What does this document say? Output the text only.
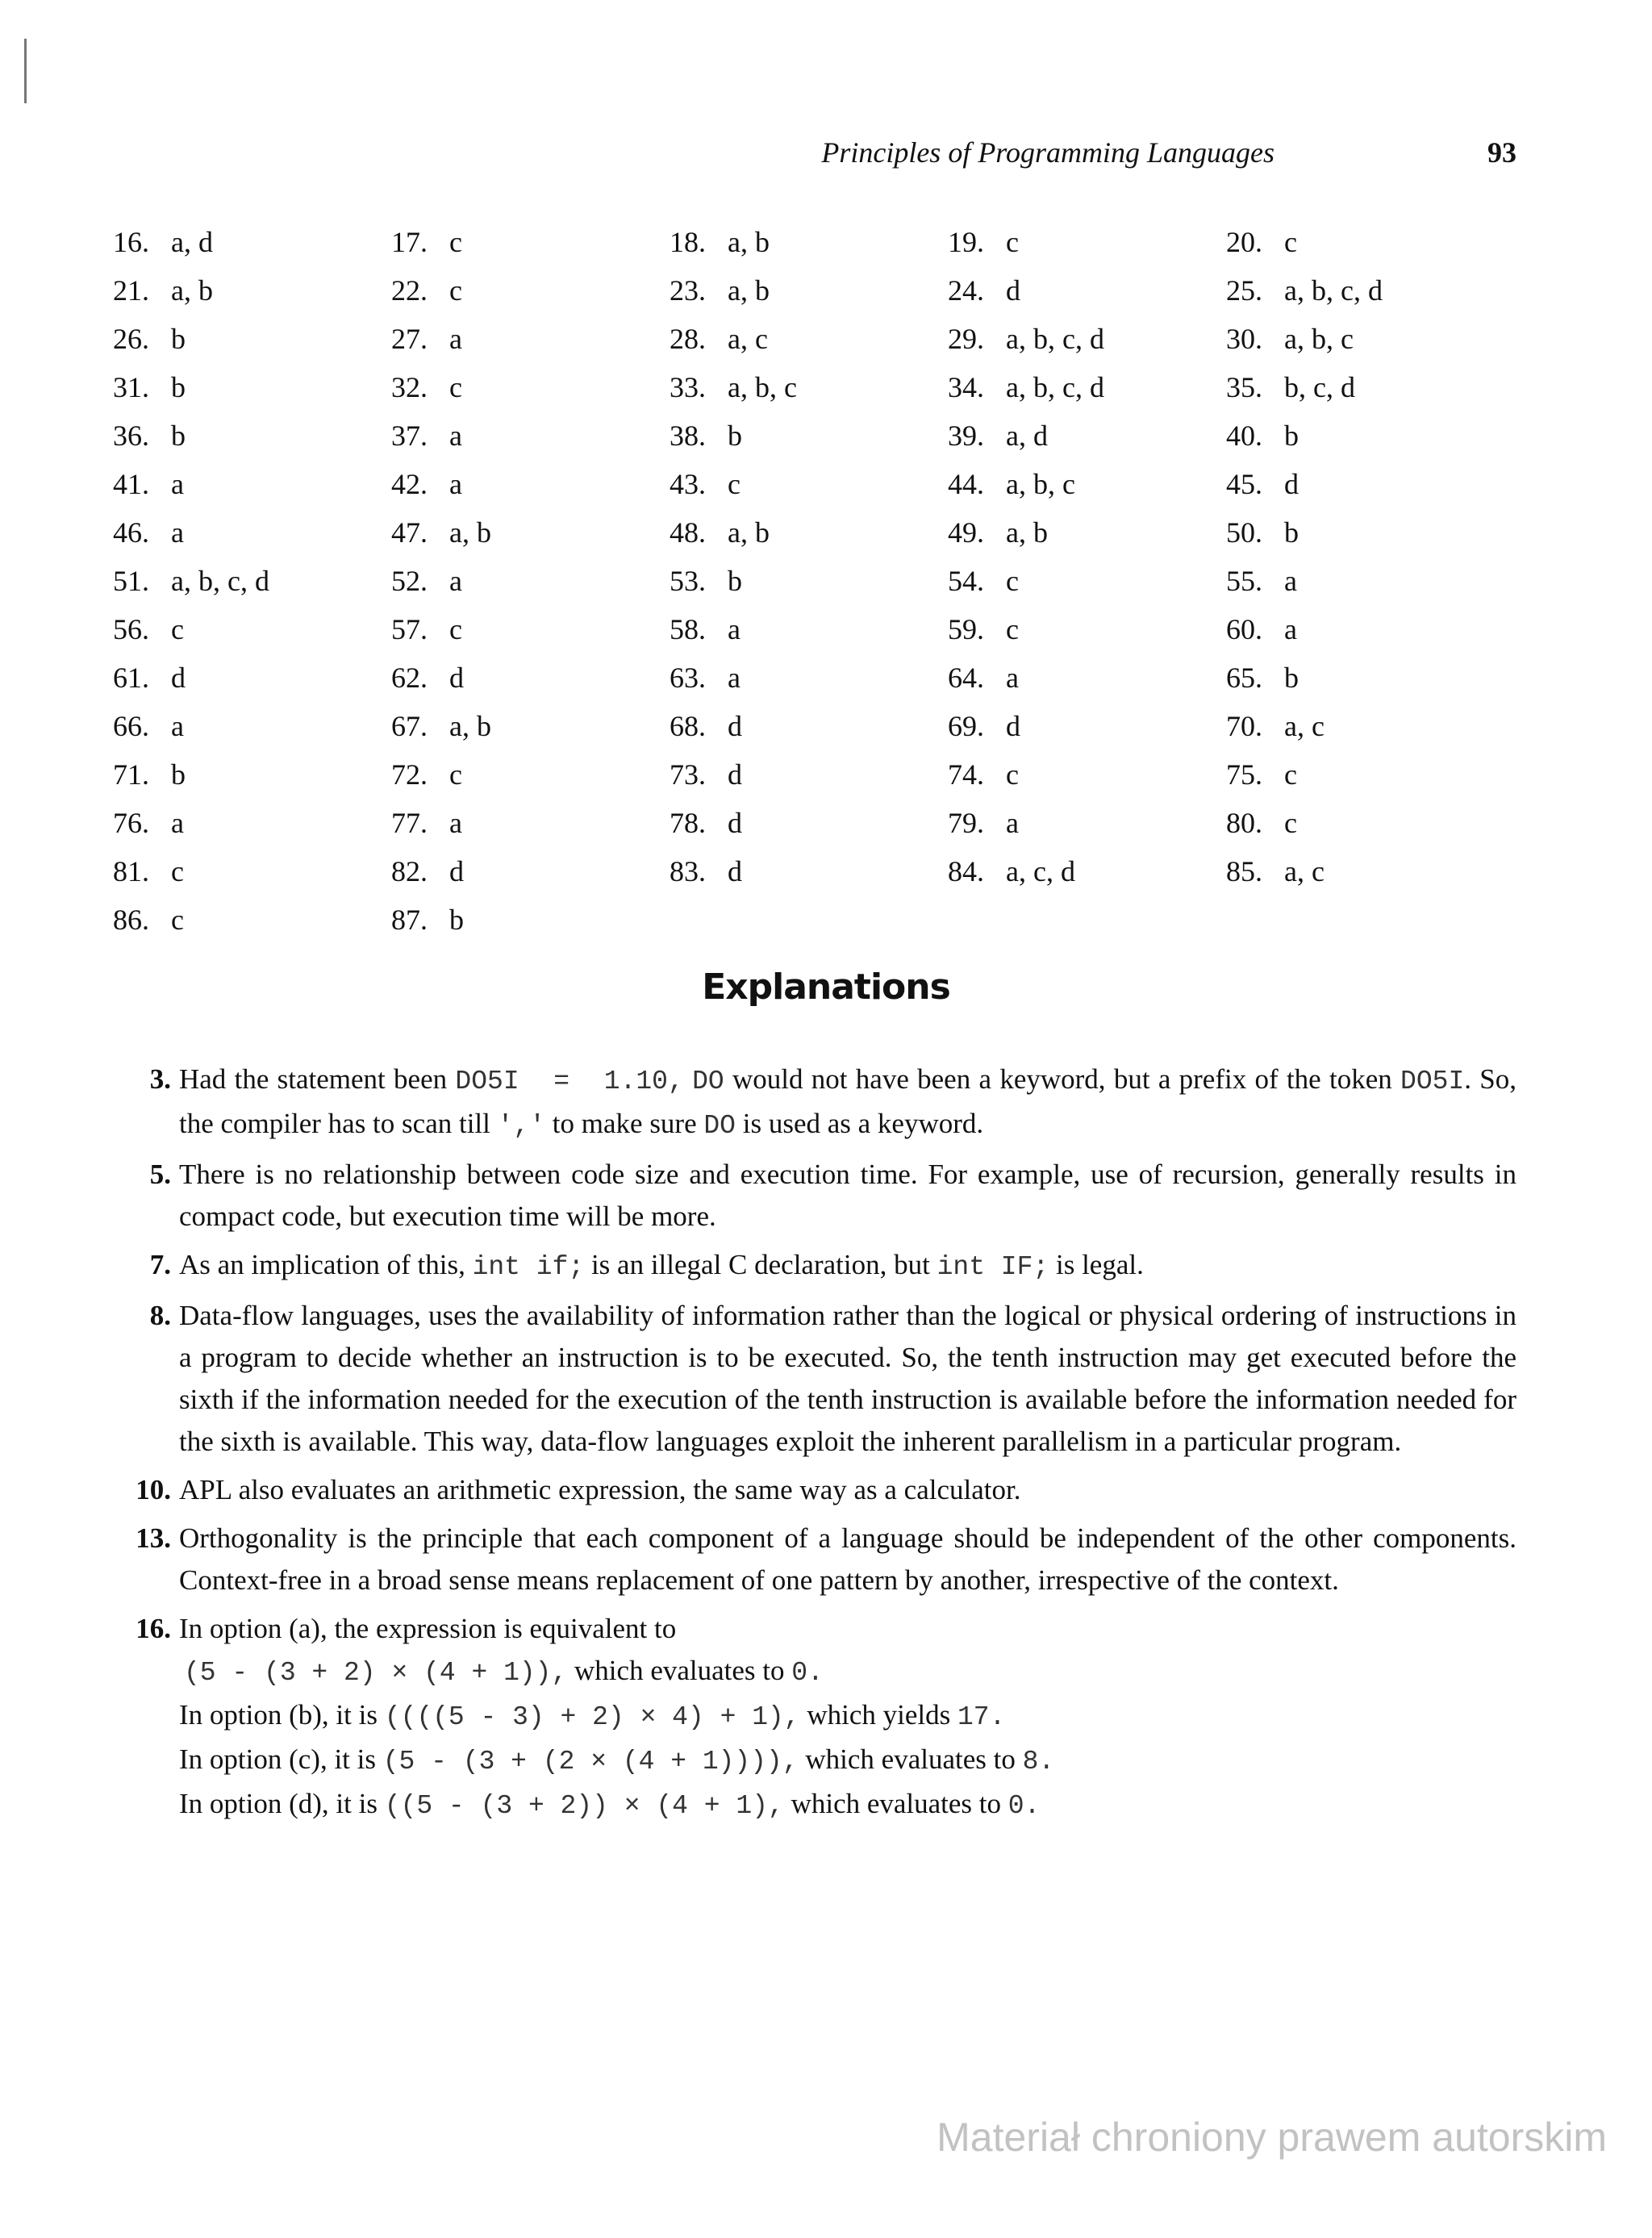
Principles of Programming Languages	93
16. a, d	17. c	18. a, b	19. c	20. c
21. a, b	22. c	23. a, b	24. d	25. a, b, c, d
26. b	27. a	28. a, c	29. a, b, c, d	30. a, b, c
31. b	32. c	33. a, b, c	34. a, b, c, d	35. b, c, d
36. b	37. a	38. b	39. a, d	40. b
41. a	42. a	43. c	44. a, b, c	45. d
46. a	47. a, b	48. a, b	49. a, b	50. b
51. a, b, c, d	52. a	53. b	54. c	55. a
56. c	57. c	58. a	59. c	60. a
61. d	62. d	63. a	64. a	65. b
66. a	67. a, b	68. d	69. d	70. a, c
71. b	72. c	73. d	74. c	75. c
76. a	77. a	78. d	79. a	80. c
81. c	82. d	83. d	84. a, c, d	85. a, c
86. c	87. b
Explanations
3. Had the statement been DO5I  =  1.10, DO would not have been a keyword, but a prefix of the token DO5I. So, the compiler has to scan till ',' to make sure DO is used as a keyword.

5. There is no relationship between code size and execution time. For example, use of recursion, generally results in compact code, but execution time will be more.

7. As an implication of this, int if; is an illegal C declaration, but int IF; is legal.

8. Data-flow languages, uses the availability of information rather than the logical or physical ordering of instructions in a program to decide whether an instruction is to be executed. So, the tenth instruction may get executed before the sixth if the information needed for the execution of the tenth instruction is available before the information needed for the sixth is available. This way, data-flow languages exploit the inherent parallelism in a particular program.

10. APL also evaluates an arithmetic expression, the same way as a calculator.

13. Orthogonality is the principle that each component of a language should be independent of the other components. Context-free in a broad sense means replacement of one pattern by another, irrespective of the context.

16. In option (a), the expression is equivalent to

(5 - (3 + 2) × (4 + 1)), which evaluates to 0.

In option (b), it is ((((5 - 3) + 2) × 4) + 1), which yields 17.

In option (c), it is (5 - (3 + (2 × (4 + 1)))), which evaluates to 8.

In option (d), it is ((5 - (3 + 2)) × (4 + 1), which evaluates to 0.

Materiał chroniony prawem autorskim
